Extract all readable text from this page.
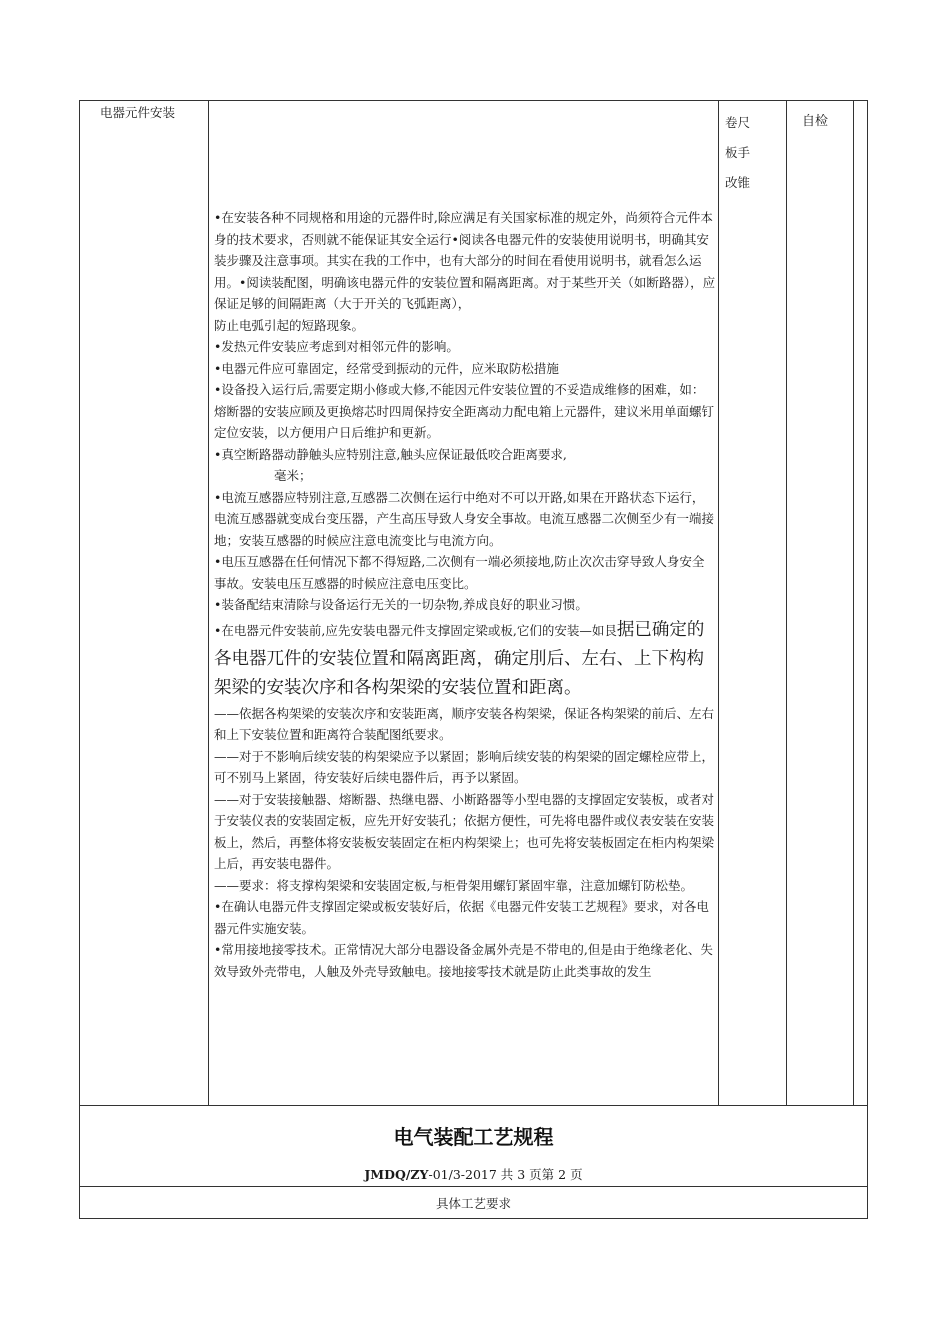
电器元件安装
卷尺
板手
改锥
自检

•在安装各种不同规格和用途的元器件时,除应满足有关国家标准的规定外，尚须符合元件本身的技术要求，否则就不能保证其安全运行•阅读各电器元件的安装使用说明书，明确其安装步骤及注意事项。其实在我的工作中，也有大部分的时间在看使用说明书，就看怎么运用。•阅读装配图，明确该电器元件的安装位置和隔离距离。对于某些开关（如断路器），应保证足够的间隔距离（大于开关的飞弧距离），

防止电弧引起的短路现象。

•发热元件安装应考虑到对相邻元件的影响。

•电器元件应可靠固定，经常受到振动的元件，应米取防松措施

•设备投入运行后,需要定期小修或大修,不能因元件安装位置的不妥造成维修的困难，如：熔断器的安装应顾及更换熔芯时四周保持安全距离动力配电箱上元器件，建议米用单面螺钉定位安装，以方便用户日后维护和更新。

•真空断路器动静触头应特别注意,触头应保证最低咬合距离要求,

毫米；

•电流互感器应特别注意,互感器二次侧在运行中绝对不可以开路,如果在开路状态下运行，电流互感器就变成台变压器，产生高压导致人身安全事故。电流互感器二次侧至少有一端接地；安装互感器的时候应注意电流变比与电流方向。

•电压互感器在任何情况下都不得短路,二次侧有一端必须接地,防止次次击穿导致人身安全事故。安装电压互感器的时候应注意电压变比。

•装备配结束清除与设备运行无关的一切杂物,养成良好的职业习惯。

•在电器元件安装前,应先安装电器元件支撑固定梁或板,它们的安装—如艮据已确定的各电器兀件的安装位置和隔离距离，确定刖后、左右、上下构构架梁的安装次序和各构架梁的安装位置和距离。

——依据各构架梁的安装次序和安装距离，顺序安装各构架梁，保证各构架梁的前后、左右和上下安装位置和距离符合装配图纸要求。

——对于不影响后续安装的构架梁应予以紧固；影响后续安装的构架梁的固定螺栓应带上，可不别马上紧固，待安装好后续电器件后，再予以紧固。

——对于安装接触器、熔断器、热继电器、小断路器等小型电器的支撑固定安装板，或者对于安装仪表的安装固定板，应先开好安装孔；依据方便性，可先将电器件或仪表安装在安装板上，然后，再整体将安装板安装固定在柜内构架梁上；也可先将安装板固定在柜内构架梁上后，再安装电器件。

——要求：将支撑构架梁和安装固定板,与柜骨架用螺钉紧固牢靠，注意加螺钉防松垫。

•在确认电器元件支撑固定梁或板安装好后，依据《电器元件安装工艺规程》要求，对各电器元件实施安装。

•常用接地接零技术。正常情况大部分电器设备金属外壳是不带电的,但是由于绝缘老化、失效导致外壳带电，人触及外壳导致触电。接地接零技术就是防止此类事故的发生

电气装配工艺规程
JMDQ/ZY-01/3-2017 共 3 页第 2 页
具体工艺要求
